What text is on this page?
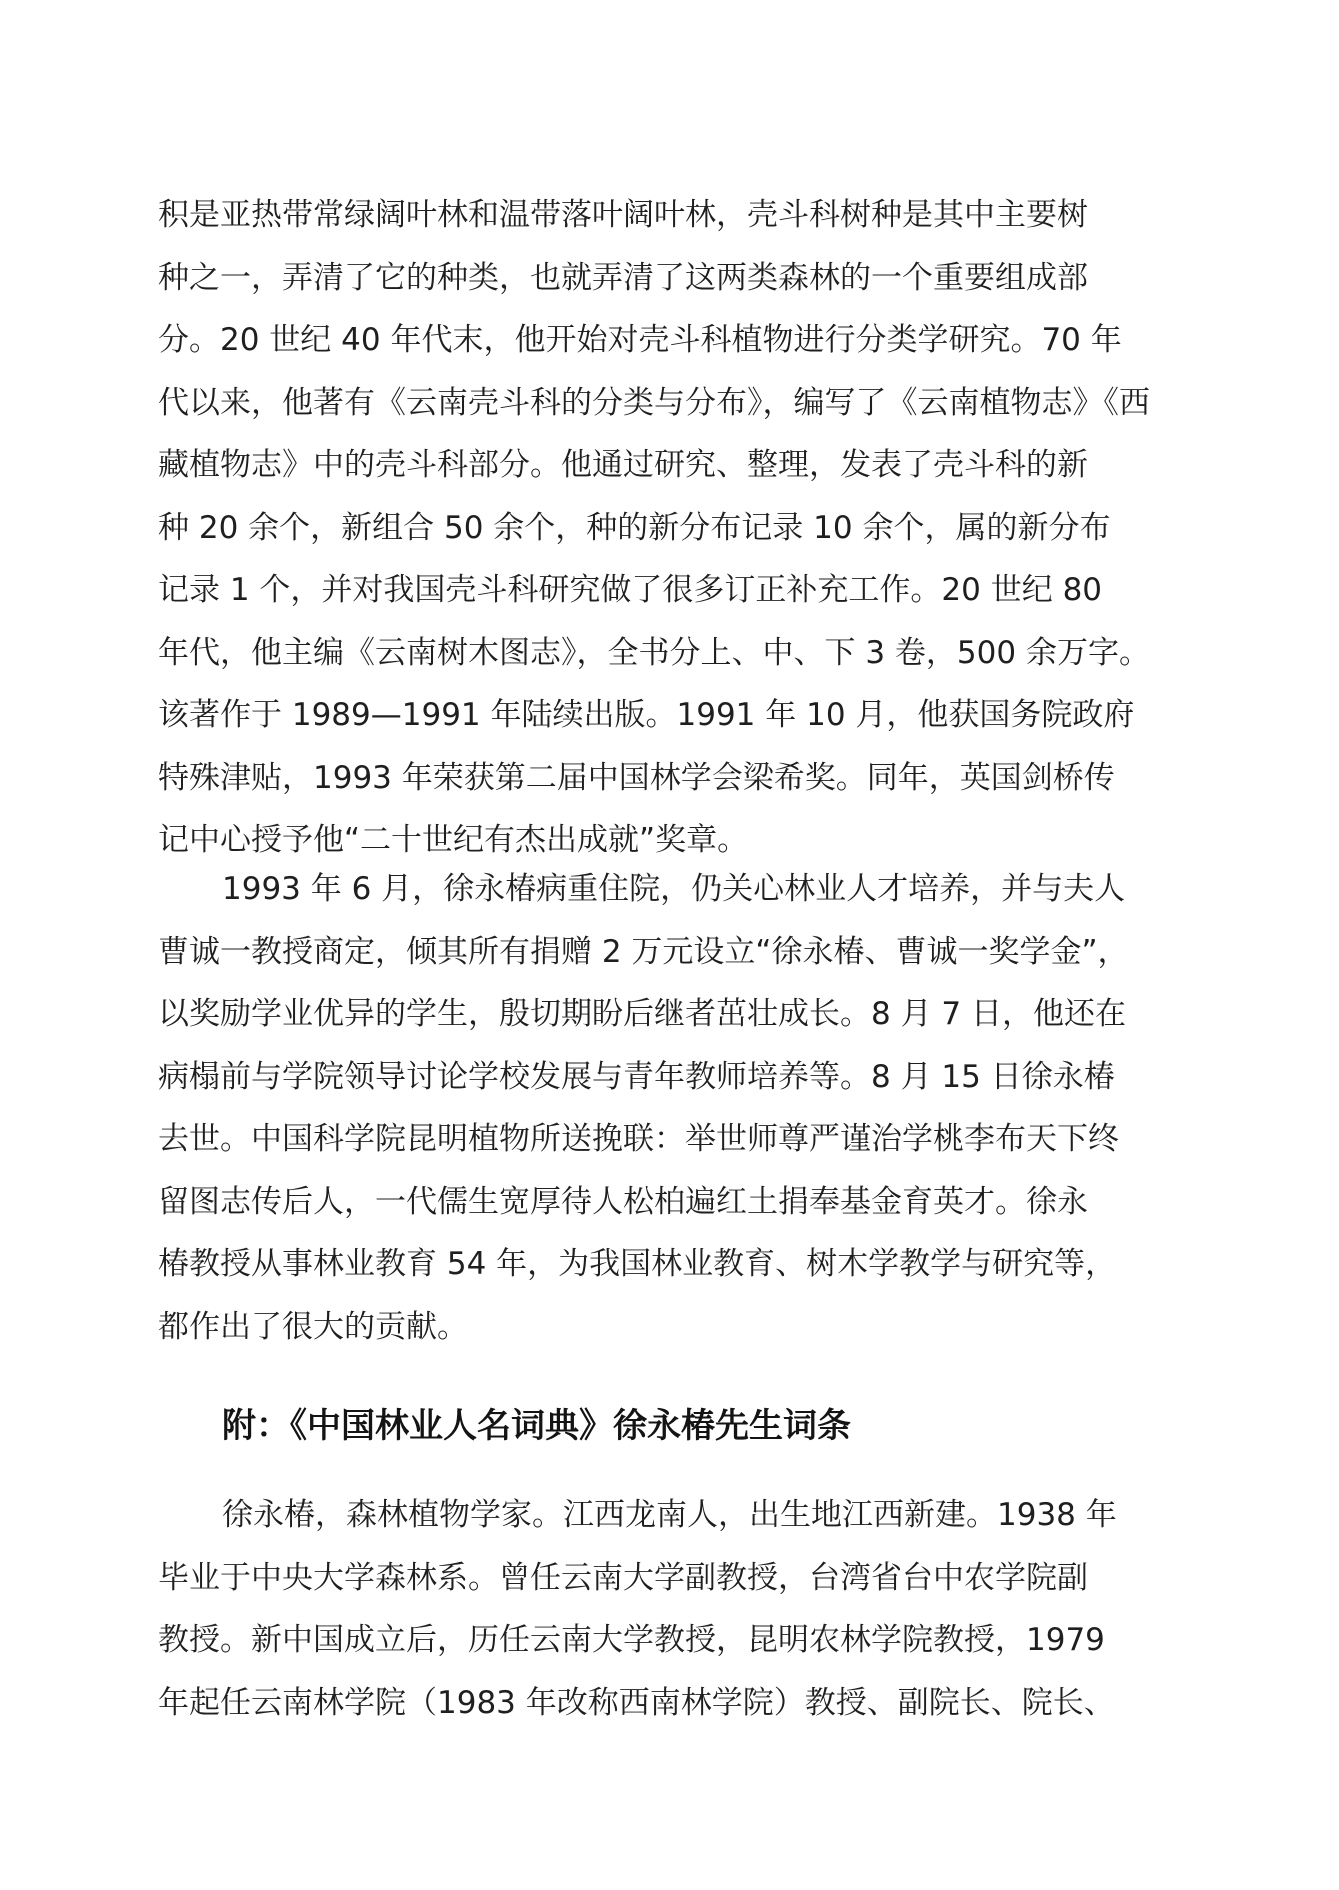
积是亚热带常绿阔叶林和温带落叶阔叶林，壳斗科树种是其中主要树
种之一，弄清了它的种类，也就弄清了这两类森林的一个重要组成部
分。20 世纪 40 年代末，他开始对壳斗科植物进行分类学研究。70 年
代以来，他著有《云南壳斗科的分类与分布》，编写了《云南植物志》《西
藏植物志》中的壳斗科部分。他通过研究、整理，发表了壳斗科的新
种 20 余个，新组合 50 余个，种的新分布记录 10 余个，属的新分布
记录 1 个，并对我国壳斗科研究做了很多订正补充工作。20 世纪 80
年代，他主编《云南树木图志》，全书分上、中、下 3 卷，500 余万字。
该著作于 1989—1991 年陆续出版。1991 年 10 月，他获国务院政府
特殊津贴，1993 年荣获第二届中国林学会梁希奖。同年，英国剑桥传
记中心授予他“二十世纪有杰出成就”奖章。
1993 年 6 月，徐永椿病重住院，仍关心林业人才培养，并与夫人
曹诚一教授商定，倾其所有捐赠 2 万元设立“徐永椿、曹诚一奖学金”，
以奖励学业优异的学生，殷切期盼后继者茁壮成长。8 月 7 日，他还在
病榻前与学院领导讨论学校发展与青年教师培养等。8 月 15 日徐永椿
去世。中国科学院昆明植物所送挽联：举世师尊严谨治学桃李布天下终
留图志传后人，一代儒生宽厚待人松柏遍红土捐奉基金育英才。徐永
椿教授从事林业教育 54 年，为我国林业教育、树木学教学与研究等，
都作出了很大的贡献。
附：《中国林业人名词典》徐永椿先生词条
徐永椿，森林植物学家。江西龙南人，出生地江西新建。1938 年
毕业于中央大学森林系。曾任云南大学副教授，台湾省台中农学院副
教授。新中国成立后，历任云南大学教授，昆明农林学院教授，1979
年起任云南林学院（1983 年改称西南林学院）教授、副院长、院长、
